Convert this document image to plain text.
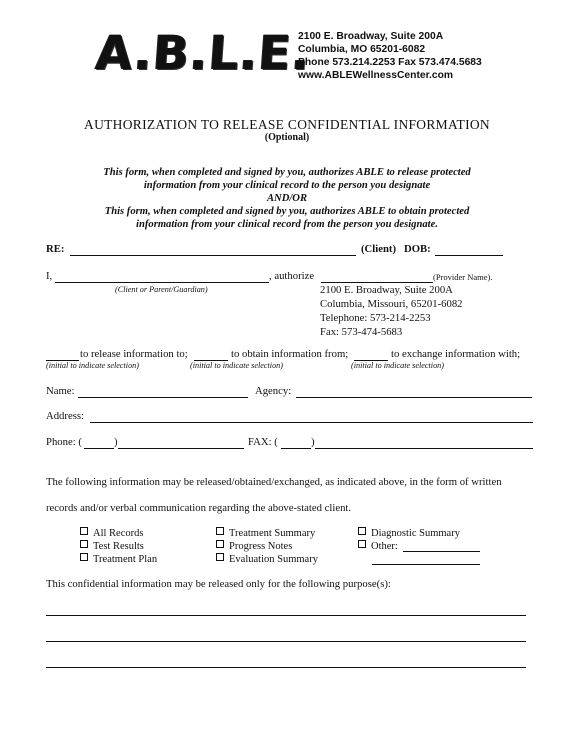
A.B.L.E.
2100 E. Broadway, Suite 200A
Columbia, MO 65201-6082
Phone 573.214.2253 Fax 573.474.5683
www.ABLEWellnessCenter.com
AUTHORIZATION TO RELEASE CONFIDENTIAL INFORMATION
(Optional)
This form, when completed and signed by you, authorizes ABLE to release protected
information from your clinical record to the person you designate
AND/OR
This form, when completed and signed by you, authorizes ABLE to obtain protected
information from your clinical record from the person you designate.
RE:	(Client) DOB:
I,	, authorize	(Provider Name).
(Client or Parent/Guardian)	2100 E. Broadway, Suite 200A
Columbia, Missouri, 65201-6082
Telephone: 573-214-2253
Fax: 573-474-5683
to release information to;	to obtain information from;	to exchange information with;
(initial to indicate selection)	(initial to indicate selection)	(initial to indicate selection)
Name:	Agency:
Address:
Phone: (	)	FAX: (	)
The following information may be released/obtained/exchanged, as indicated above, in the form of written
records and/or verbal communication regarding the above-stated client.
All Records
Test Results
Treatment Plan
Treatment Summary
Progress Notes
Evaluation Summary
Diagnostic Summary
Other:
This confidential information may be released only for the following purpose(s):
